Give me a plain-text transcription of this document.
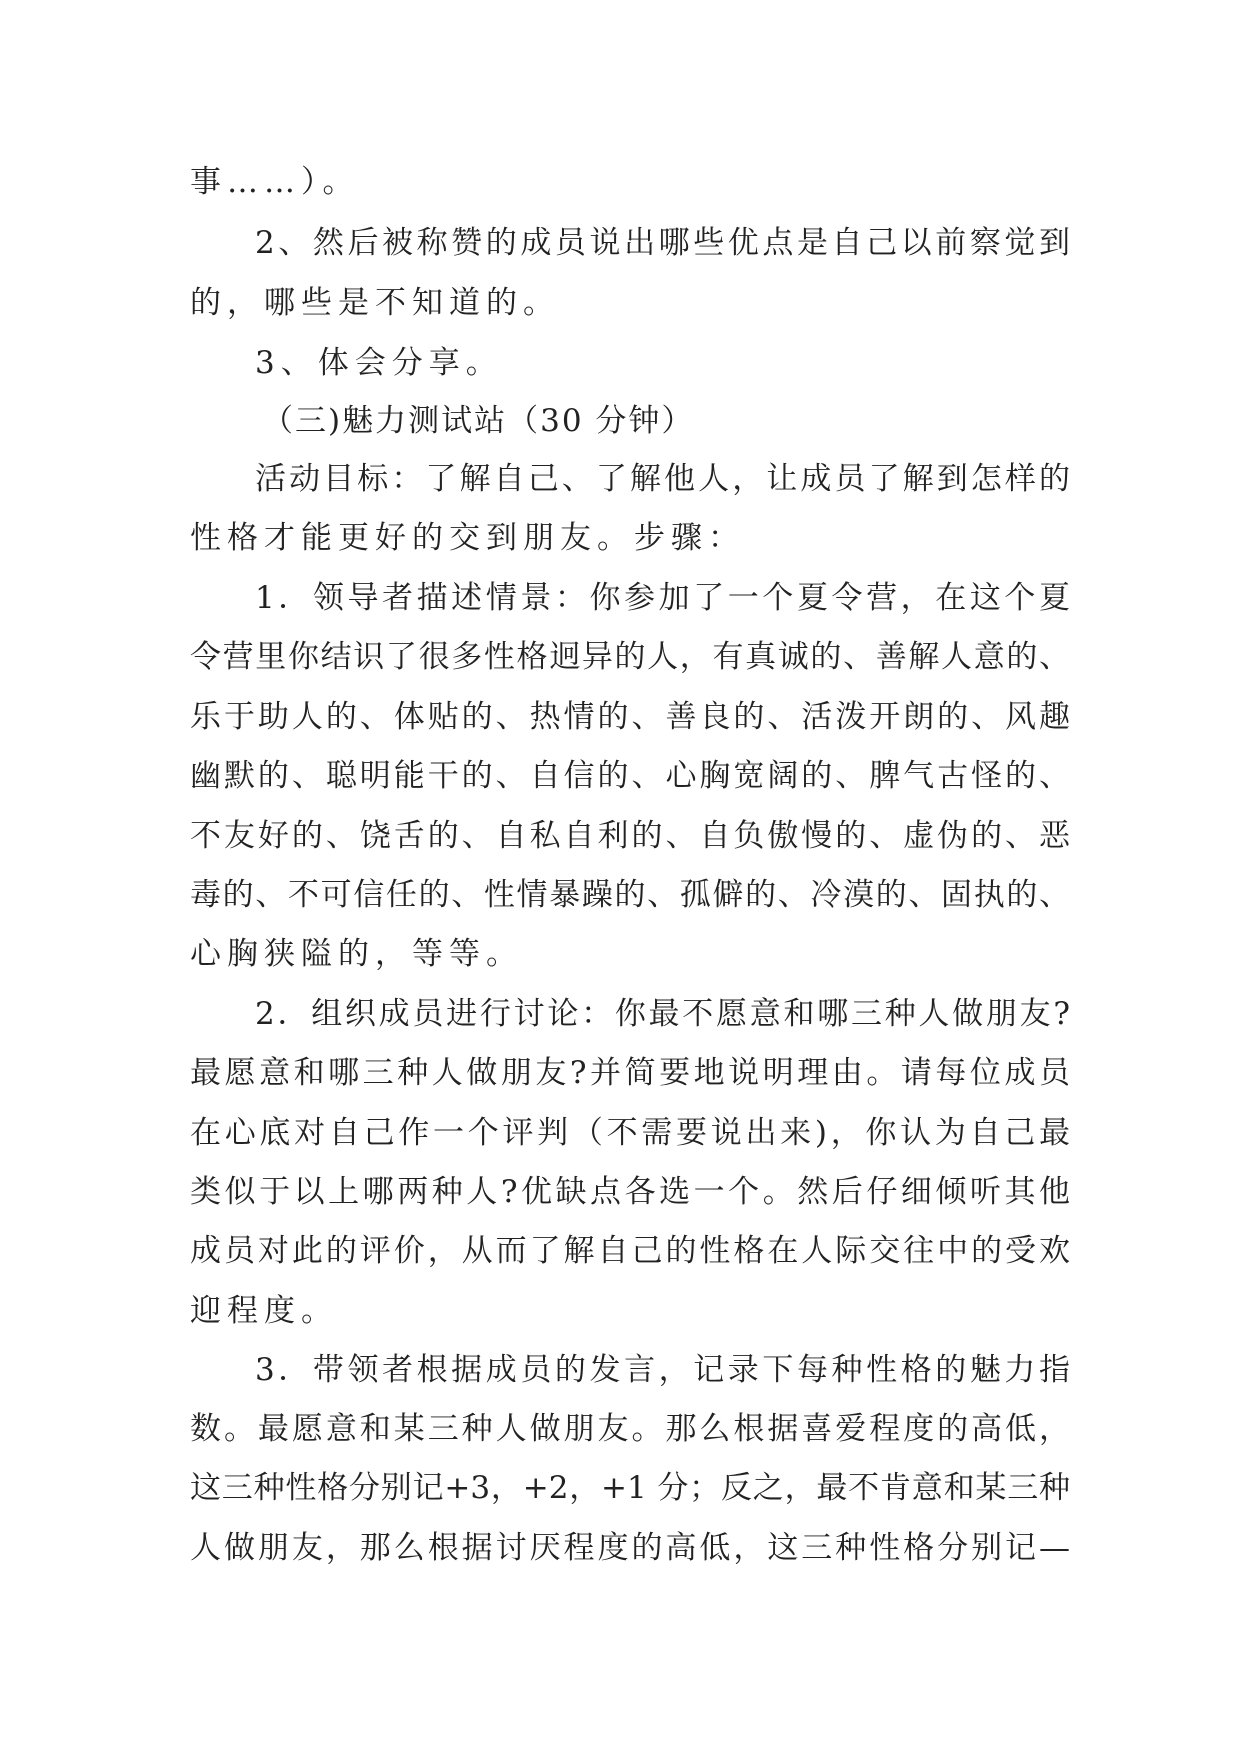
事……）。
2、然后被称赞的成员说出哪些优点是自己以前察觉到
的，哪些是不知道的。
3、体会分享。
（三)魅力测试站（30 分钟）
活动目标：了解自己、了解他人，让成员了解到怎样的
性格才能更好的交到朋友。步骤：
1．领导者描述情景：你参加了一个夏令营，在这个夏
令营里你结识了很多性格迥异的人，有真诚的、善解人意的、
乐于助人的、体贴的、热情的、善良的、活泼开朗的、风趣
幽默的、聪明能干的、自信的、心胸宽阔的、脾气古怪的、
不友好的、饶舌的、自私自利的、自负傲慢的、虚伪的、恶
毒的、不可信任的、性情暴躁的、孤僻的、冷漠的、固执的、
心胸狭隘的，等等。
2．组织成员进行讨论：你最不愿意和哪三种人做朋友?
最愿意和哪三种人做朋友?并简要地说明理由。请每位成员
在心底对自己作一个评判（不需要说出来)，你认为自己最
类似于以上哪两种人?优缺点各选一个。然后仔细倾听其他
成员对此的评价，从而了解自己的性格在人际交往中的受欢
迎程度。
3．带领者根据成员的发言，记录下每种性格的魅力指
数。最愿意和某三种人做朋友。那么根据喜爱程度的高低，
这三种性格分别记+3，+2，+1 分；反之，最不肯意和某三种
人做朋友，那么根据讨厌程度的高低，这三种性格分别记—
